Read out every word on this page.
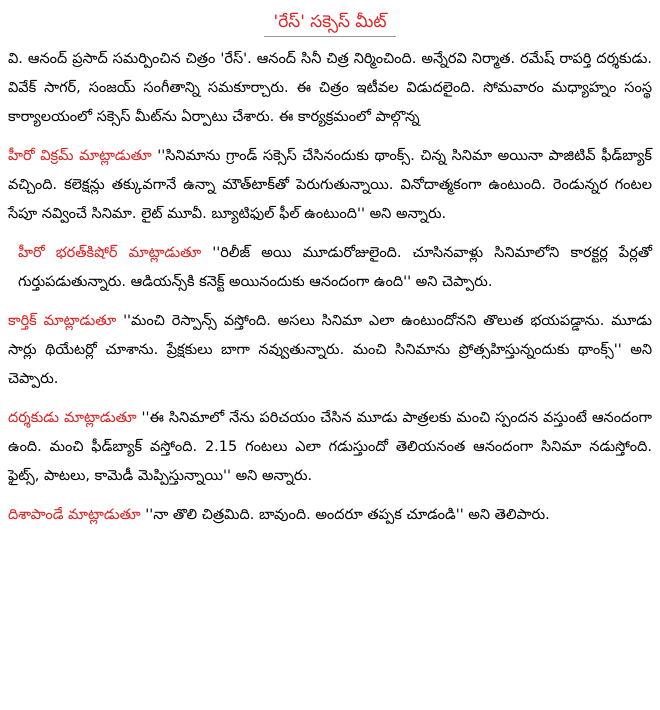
'రేస్‌' సక్సెస్‌ మీట్‌

వి. ఆనంద్‌ ప్రసాద్‌ సమర్పించిన చిత్రం 'రేస్‌'. ఆనంద్‌ సినీ చిత్ర నిర్మించింది. అన్నేరవి నిర్మాత. రమేష్‌ రాపర్తి దర్శకుడు. వివేక్‌ సాగర్‌, సంజయ్‌ సంగీతాన్ని సమకూర్చారు. ఈ చిత్రం ఇటీవల విడుదలైంది. సోమవారం మధ్యాహ్నం సంస్థ కార్యాలయంలో సక్సెస్‌ మీట్‌ను ఏర్పాటు చేశారు. ఈ కార్యక్రమంలో పాల్గొన్న

హీరో విక్రమ్‌ మాట్లాడుతూ ''సినిమాను గ్రాండ్‌ సక్సెస్‌ చేసినందుకు థాంక్స్‌. చిన్న సినిమా అయినా పాజిటివ్‌ ఫీడ్‌బ్యాక్‌ వచ్చింది. కలెక్షన్లు తక్కువగానే ఉన్నా మౌత్‌టాక్‌తో పెరుగుతున్నాయి. వినోదాత్మకంగా ఉంటుంది. రెండున్నర గంటల సేపూ నవ్వించే సినిమా. లైట్‌ మూవీ. బ్యూటిఫుల్‌ ఫీల్‌ ఉంటుంది'' అని అన్నారు.

హీరో భరత్‌కిషోర్‌ మాట్లాడుతూ ''రిలీజ్‌ అయి మూడురోజులైంది. చూసినవాళ్లు సినిమాలోని కారక్టర్ల పేర్లతో గుర్తుపడుతున్నారు. ఆడియన్స్‌కి కనెక్ట్‌ అయినందుకు ఆనందంగా ఉంది'' అని చెప్పారు.

కార్తిక్‌ మాట్లాడుతూ ''మంచి రెస్పాన్స్‌ వస్తోంది. అసలు సినిమా ఎలా ఉంటుందోనని తొలుత భయపడ్డాను. మూడు సార్లు థియేటర్లో చూశాను. ప్రేక్షకులు బాగా నవ్వుతున్నారు. మంచి సినిమాను ప్రోత్సహిస్తున్నందుకు థాంక్స్‌'' అని చెప్పారు.

దర్శకుడు మాట్లాడుతూ ''ఈ సినిమాలో నేను పరిచయం చేసిన మూడు పాత్రలకు మంచి స్పందన వస్తుంటే ఆనందంగా ఉంది. మంచి ఫీడ్‌బ్యాక్‌ వస్తోంది. 2.15 గంటలు ఎలా గడుస్తుందో తెలియనంత ఆనందంగా సినిమా నడుస్తోంది. ఫైట్స్‌, పాటలు, కామెడీ మెప్పిస్తున్నాయి'' అని అన్నారు.

దిశాపాండే మాట్లాడుతూ ''నా తొలి చిత్రమిది. బావుంది. అందరూ తప్పక చూడండి'' అని తెలిపారు.
